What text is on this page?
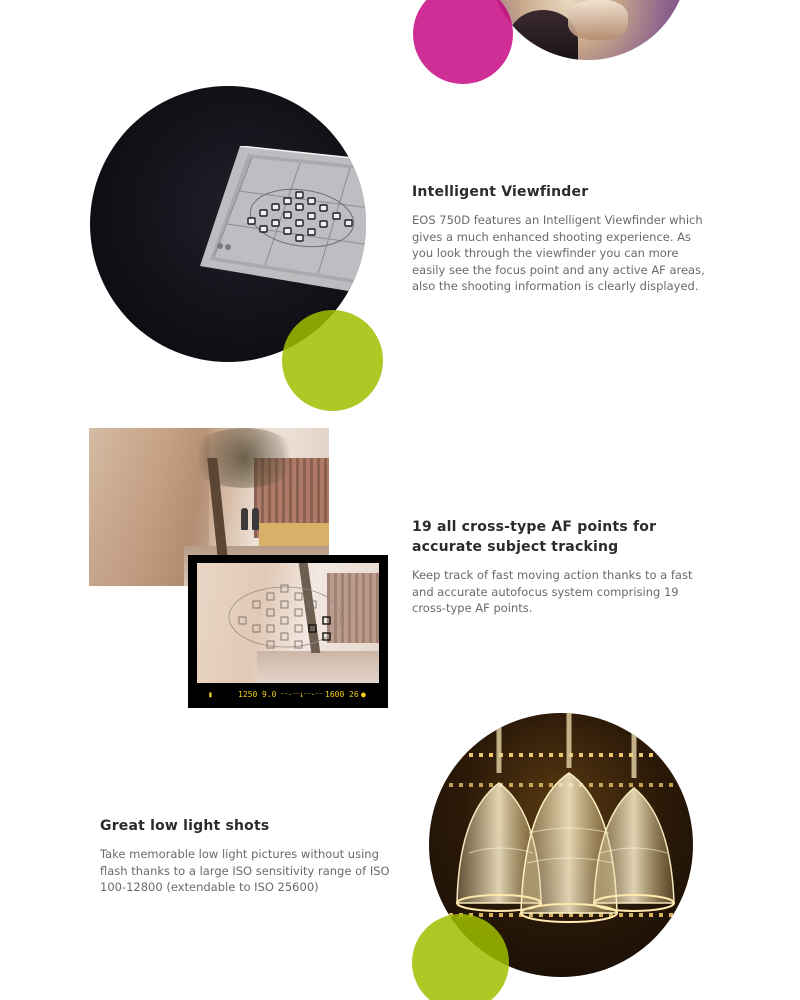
Intelligent Viewfinder

EOS 750D features an Intelligent Viewfinder which gives a much enhanced shooting experience. As you look through the viewfinder you can more easily see the focus point and any active AF areas, also the shooting information is clearly displayed.

▮	1250 9.0 ⁻⁻·⁻⁻↓⁻⁻·⁻⁻ 1600 26 ●
19 all cross-type AF points for accurate subject tracking

Keep track of fast moving action thanks to a fast and accurate autofocus system comprising 19 cross-type AF points.

Great low light shots

Take memorable low light pictures without using flash thanks to a large ISO sensitivity range of ISO 100-12800 (extendable to ISO 25600)
